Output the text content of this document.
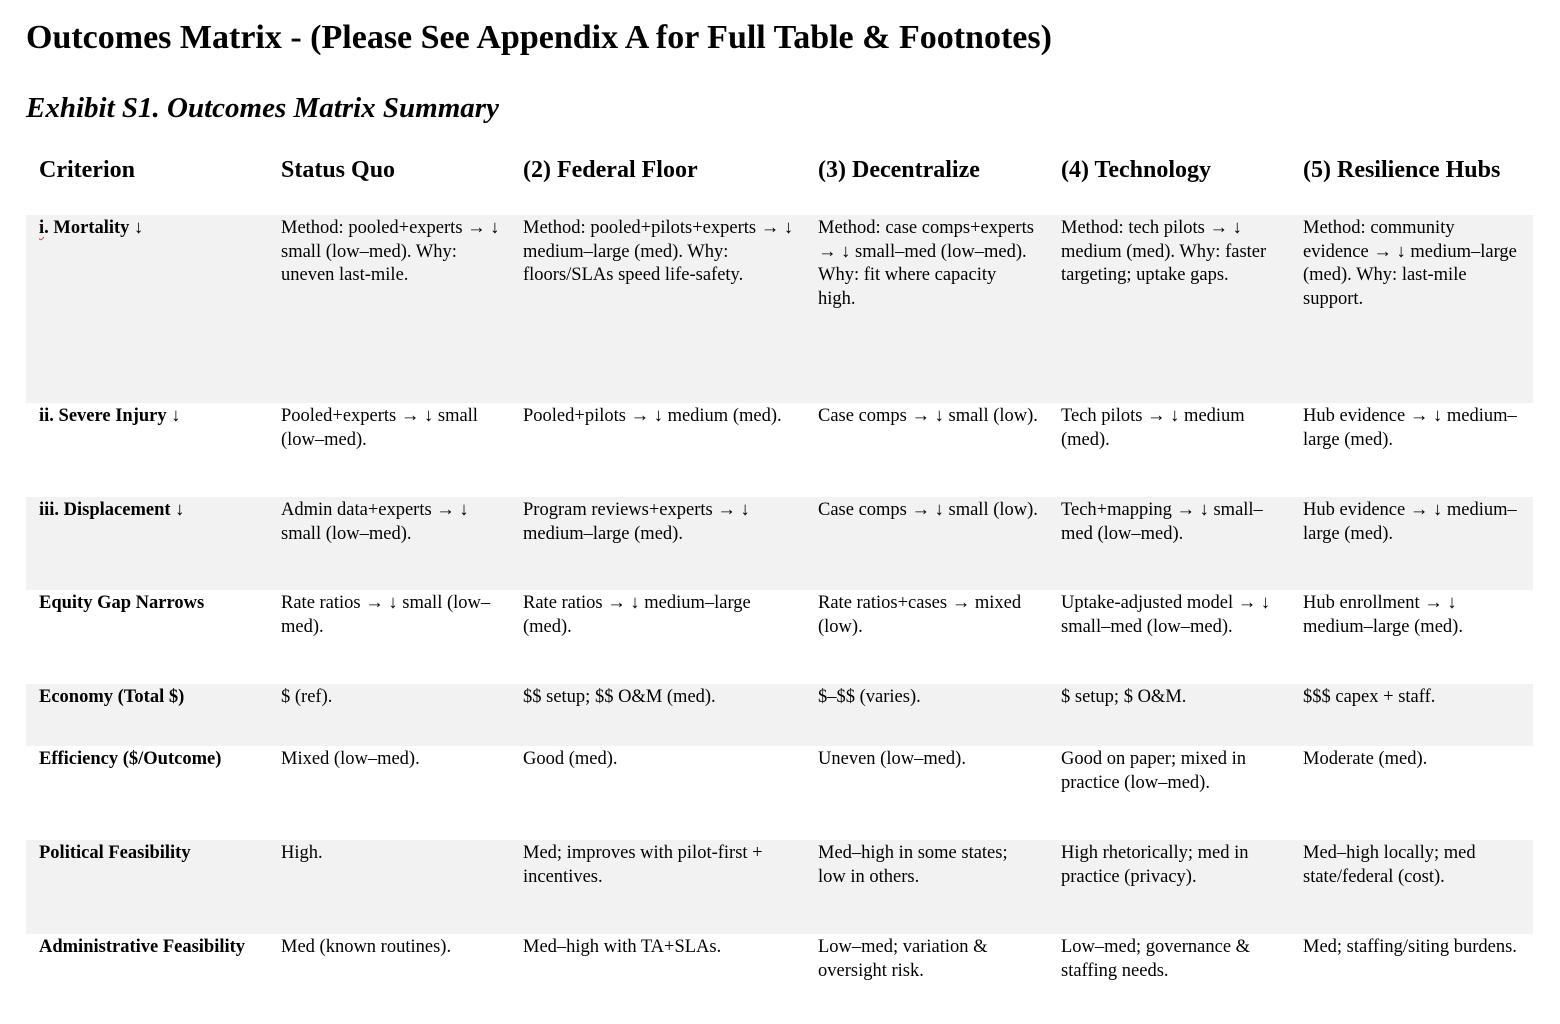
Outcomes Matrix - (Please See Appendix A for Full Table & Footnotes)
Exhibit S1. Outcomes Matrix Summary
Criterion	Status Quo	(2) Federal Floor	(3) Decentralize	(4) Technology	(5) Resilience Hubs

i. Mortality ↓	Method: pooled+experts → ↓ small (low–med). Why: uneven last-mile.	Method: pooled+pilots+experts → ↓ medium–large (med). Why: floors/SLAs speed life-safety.	Method: case comps+experts → ↓ small–med (low–med). Why: fit where capacity high.	Method: tech pilots → ↓ medium (med). Why: faster targeting; uptake gaps.	Method: community evidence → ↓ medium–large (med). Why: last-mile support.
ii. Severe Injury ↓	Pooled+experts → ↓ small (low–med).	Pooled+pilots → ↓ medium (med).	Case comps → ↓ small (low).	Tech pilots → ↓ medium (med).	Hub evidence → ↓ medium–large (med).
iii. Displacement ↓	Admin data+experts → ↓ small (low–med).	Program reviews+experts → ↓ medium–large (med).	Case comps → ↓ small (low).	Tech+mapping → ↓ small–med (low–med).	Hub evidence → ↓ medium–large (med).
Equity Gap Narrows	Rate ratios → ↓ small (low–med).	Rate ratios → ↓ medium–large (med).	Rate ratios+cases → mixed (low).	Uptake-adjusted model → ↓ small–med (low–med).	Hub enrollment → ↓ medium–large (med).
Economy (Total $)	$ (ref).	$$ setup; $$ O&M (med).	$–$$ (varies).	$ setup; $ O&M.	$$$ capex + staff.
Efficiency ($/Outcome)	Mixed (low–med).	Good (med).	Uneven (low–med).	Good on paper; mixed in practice (low–med).	Moderate (med).
Political Feasibility	High.	Med; improves with pilot-first + incentives.	Med–high in some states; low in others.	High rhetorically; med in practice (privacy).	Med–high locally; med state/federal (cost).
Administrative Feasibility	Med (known routines).	Med–high with TA+SLAs.	Low–med; variation & oversight risk.	Low–med; governance & staffing needs.	Med; staffing/siting burdens.
